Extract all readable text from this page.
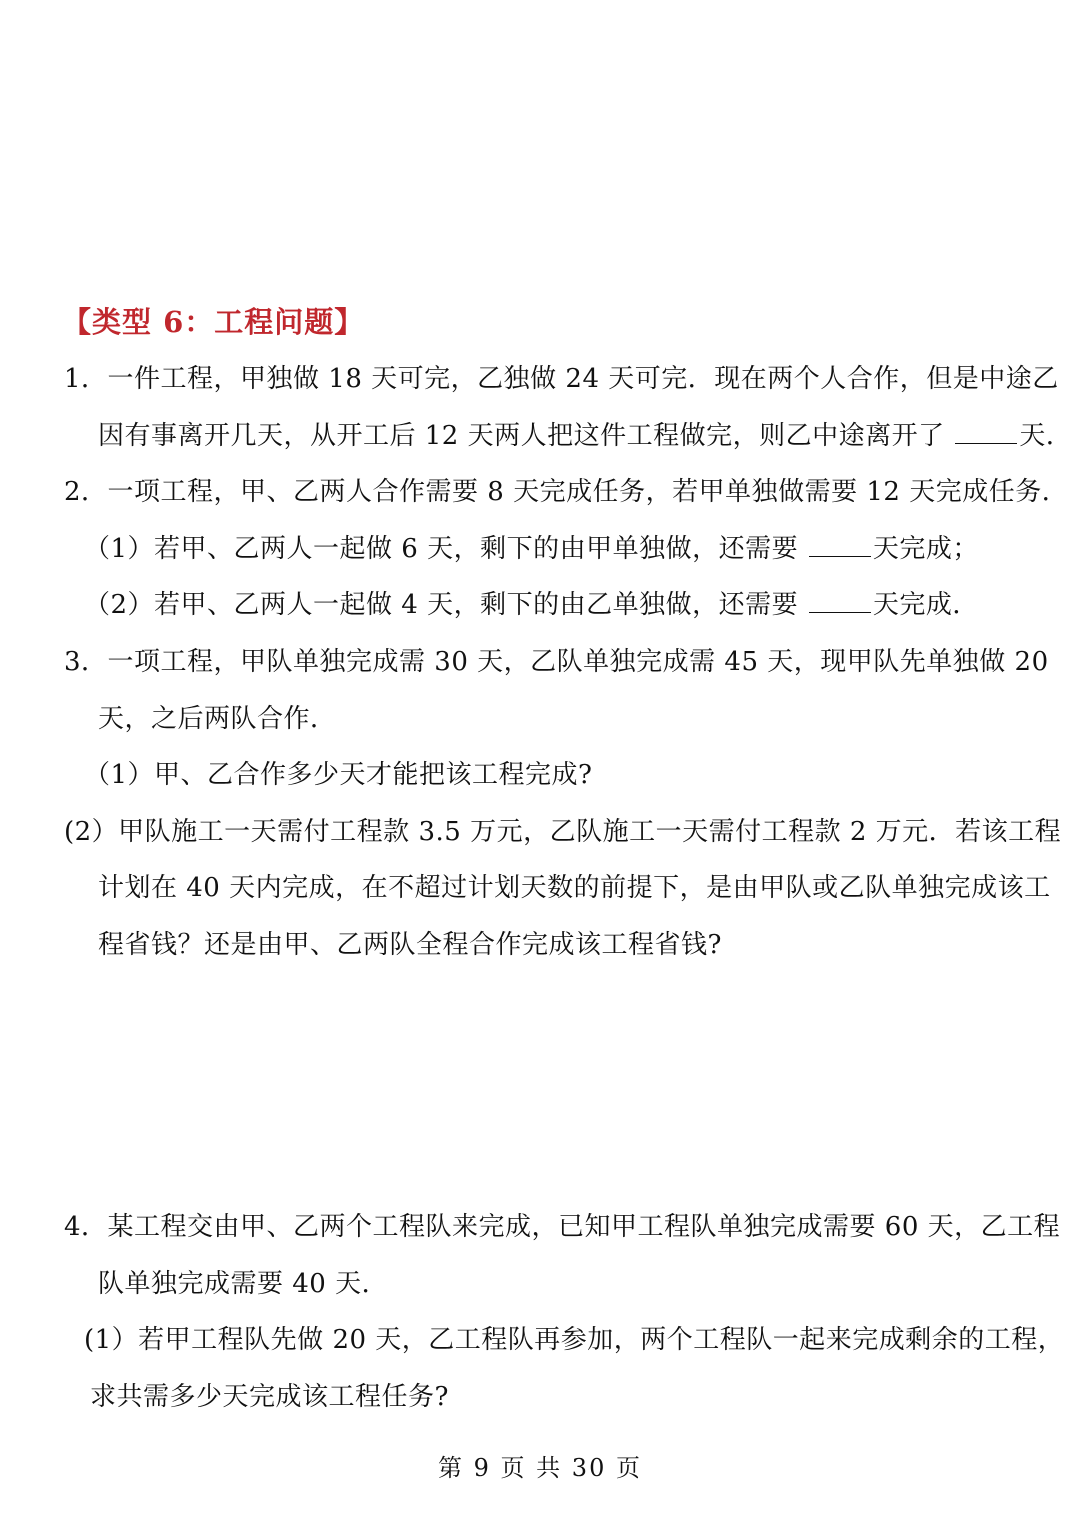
【类型 6：工程问题】
1．一件工程，甲独做 18 天可完，乙独做 24 天可完．现在两个人合作，但是中途乙
因有事离开几天，从开工后 12 天两人把这件工程做完，则乙中途离开了	天．
2．一项工程，甲、乙两人合作需要 8 天完成任务，若甲单独做需要 12 天完成任务．
（1）若甲、乙两人一起做 6 天，剩下的由甲单独做，还需要	天完成；
（2）若甲、乙两人一起做 4 天，剩下的由乙单独做，还需要	天完成．
3．一项工程，甲队单独完成需 30 天，乙队单独完成需 45 天，现甲队先单独做 20
天，之后两队合作．
（1）甲、乙合作多少天才能把该工程完成?
(2）甲队施工一天需付工程款 3.5 万元，乙队施工一天需付工程款 2 万元．若该工程
计划在 40 天内完成，在不超过计划天数的前提下，是由甲队或乙队单独完成该工
程省钱？还是由甲、乙两队全程合作完成该工程省钱?
4．某工程交由甲、乙两个工程队来完成，已知甲工程队单独完成需要 60 天，乙工程
队单独完成需要 40 天．
(1）若甲工程队先做 20 天，乙工程队再参加，两个工程队一起来完成剩余的工程，
求共需多少天完成该工程任务?
第 9 页 共 30 页
